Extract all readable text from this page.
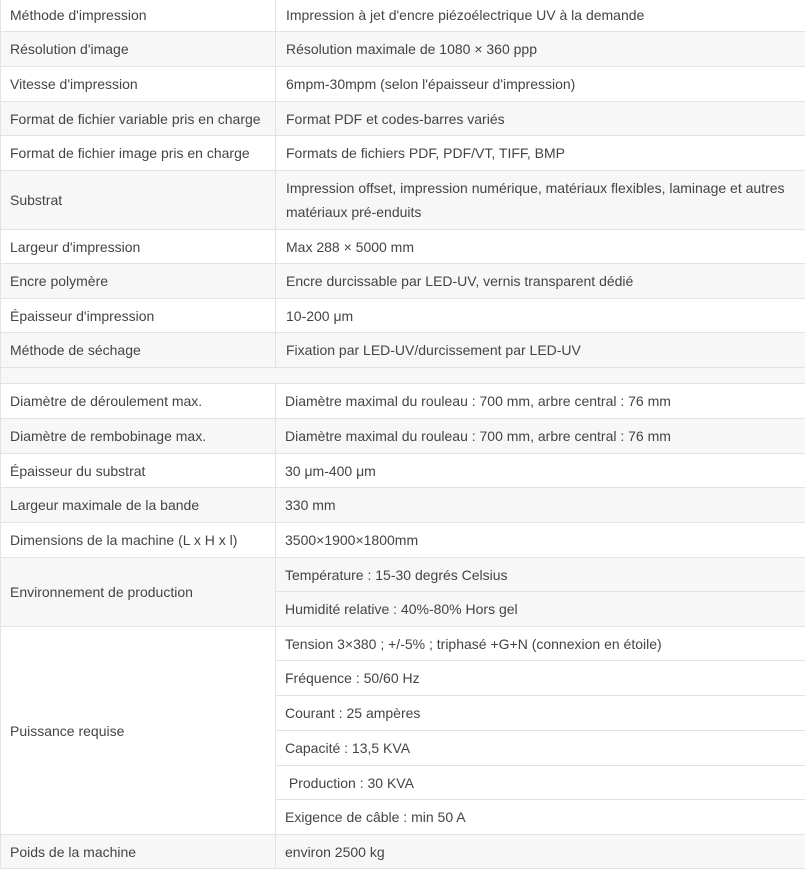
Méthode d'impression	Impression à jet d'encre piézoélectrique UV à la demande
Résolution d'image	Résolution maximale de 1080 × 360 ppp
Vitesse d'impression	6mpm-30mpm (selon l'épaisseur d'impression)
Format de fichier variable pris en charge	Format PDF et codes-barres variés
Format de fichier image pris en charge	Formats de fichiers PDF, PDF/VT, TIFF, BMP
Substrat	Impression offset, impression numérique, matériaux flexibles, laminage et autres matériaux pré-enduits
Largeur d'impression	Max 288 × 5000 mm
Encre polymère	Encre durcissable par LED-UV, vernis transparent dédié
Épaisseur d'impression	10-200 μm
Méthode de séchage	Fixation par LED-UV/durcissement par LED-UV

Diamètre de déroulement max.	Diamètre maximal du rouleau : 700 mm, arbre central : 76 mm
Diamètre de rembobinage max.	Diamètre maximal du rouleau : 700 mm, arbre central : 76 mm
Épaisseur du substrat	30 μm-400 μm
Largeur maximale de la bande	330 mm
Dimensions de la machine (L x H x l)	3500×1900×1800mm
Environnement de production	Température : 15-30 degrés Celsius
	Humidité relative : 40%-80% Hors gel
Puissance requise	Tension 3×380 ; +/-5% ; triphasé +G+N (connexion en étoile)
	Fréquence : 50/60 Hz
	Courant : 25 ampères
	Capacité : 13,5 KVA
	Production : 30 KVA
	Exigence de câble : min 50 A
Poids de la machine	environ 2500 kg
